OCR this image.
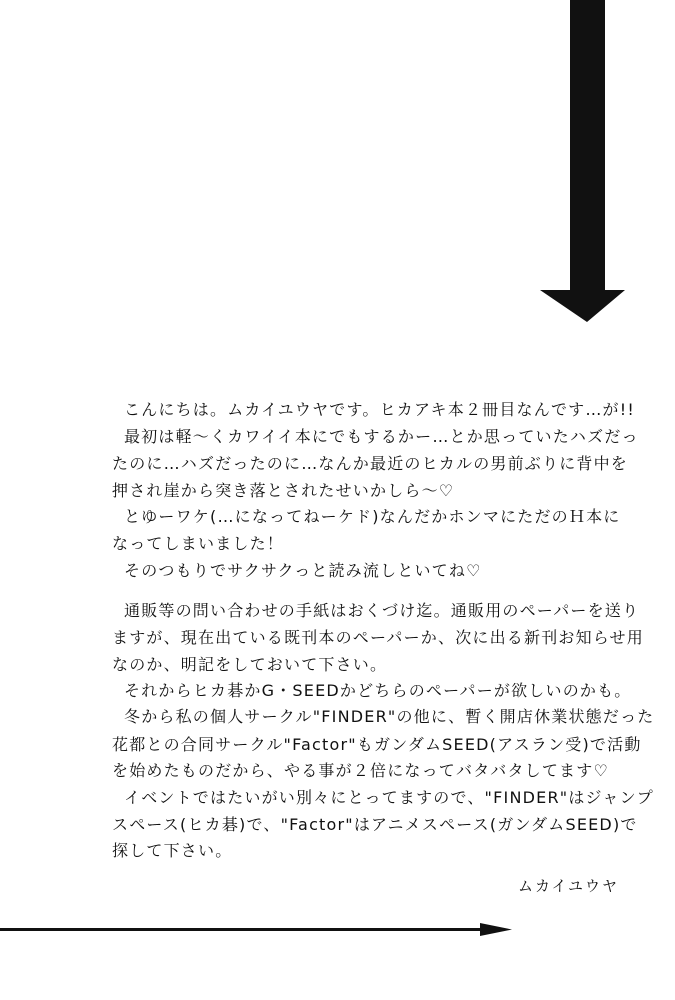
こんにちは。ムカイユウヤです。ヒカアキ本２冊目なんです…が!!
最初は軽～くカワイイ本にでもするかー…とか思っていたハズだっ
たのに…ハズだったのに…なんか最近のヒカルの男前ぶりに背中を
押され崖から突き落とされたせいかしら～♡
とゆーワケ(…になってねーケド)なんだかホンマにただのＨ本に
なってしまいました！
そのつもりでサクサクっと読み流しといてね♡
通販等の問い合わせの手紙はおくづけ迄。通販用のペーパーを送り
ますが、現在出ている既刊本のペーパーか、次に出る新刊お知らせ用
なのか、明記をしておいて下さい。
それからヒカ碁かG・SEEDかどちらのペーパーが欲しいのかも。
冬から私の個人サークル"FINDER"の他に、暫く開店休業状態だった
花都との合同サークル"Factor"もガンダムSEED(アスラン受)で活動
を始めたものだから、やる事が２倍になってバタバタしてます♡
イベントではたいがい別々にとってますので、"FINDER"はジャンプ
スペース(ヒカ碁)で、"Factor"はアニメスペース(ガンダムSEED)で
探して下さい。
ムカイユウヤ
